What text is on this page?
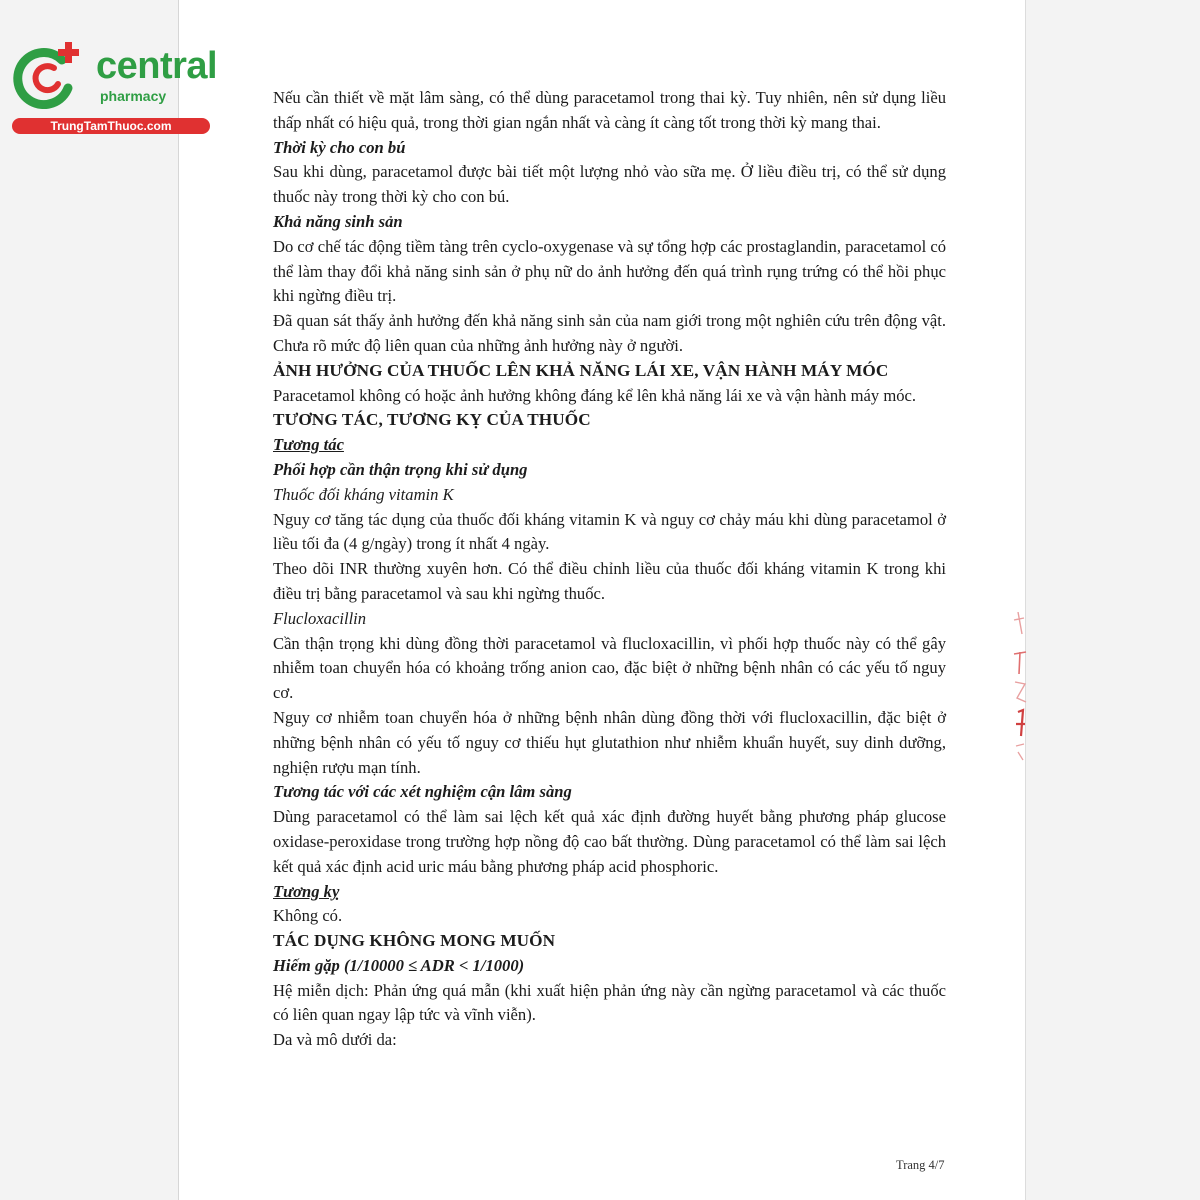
central
pharmacy
TrungTamThuoc.com

Nếu cần thiết về mặt lâm sàng, có thể dùng paracetamol trong thai kỳ. Tuy nhiên, nên sử dụng liều thấp nhất có hiệu quả, trong thời gian ngắn nhất và càng ít càng tốt trong thời kỳ mang thai.

Thời kỳ cho con bú

Sau khi dùng, paracetamol được bài tiết một lượng nhỏ vào sữa mẹ. Ở liều điều trị, có thể sử dụng thuốc này trong thời kỳ cho con bú.

Khả năng sinh sản

Do cơ chế tác động tiềm tàng trên cyclo-oxygenase và sự tổng hợp các prostaglandin, paracetamol có thể làm thay đổi khả năng sinh sản ở phụ nữ do ảnh hưởng đến quá trình rụng trứng có thể hồi phục khi ngừng điều trị.

Đã quan sát thấy ảnh hưởng đến khả năng sinh sản của nam giới trong một nghiên cứu trên động vật. Chưa rõ mức độ liên quan của những ảnh hưởng này ở người.

ẢNH HƯỞNG CỦA THUỐC LÊN KHẢ NĂNG LÁI XE, VẬN HÀNH MÁY MÓC

Paracetamol không có hoặc ảnh hưởng không đáng kể lên khả năng lái xe và vận hành máy móc.

TƯƠNG TÁC, TƯƠNG KỴ CỦA THUỐC

Tương tác

Phối hợp cần thận trọng khi sử dụng

Thuốc đối kháng vitamin K

Nguy cơ tăng tác dụng của thuốc đối kháng vitamin K và nguy cơ chảy máu khi dùng paracetamol ở liều tối đa (4 g/ngày) trong ít nhất 4 ngày.

Theo dõi INR thường xuyên hơn. Có thể điều chỉnh liều của thuốc đối kháng vitamin K trong khi điều trị bằng paracetamol và sau khi ngừng thuốc.

Flucloxacillin

Cần thận trọng khi dùng đồng thời paracetamol và flucloxacillin, vì phối hợp thuốc này có thể gây nhiễm toan chuyển hóa có khoảng trống anion cao, đặc biệt ở những bệnh nhân có các yếu tố nguy cơ.

Nguy cơ nhiễm toan chuyển hóa ở những bệnh nhân dùng đồng thời với flucloxacillin, đặc biệt ở những bệnh nhân có yếu tố nguy cơ thiếu hụt glutathion như nhiễm khuẩn huyết, suy dinh dưỡng, nghiện rượu mạn tính.

Tương tác với các xét nghiệm cận lâm sàng

Dùng paracetamol có thể làm sai lệch kết quả xác định đường huyết bằng phương pháp glucose oxidase-peroxidase trong trường hợp nồng độ cao bất thường. Dùng paracetamol có thể làm sai lệch kết quả xác định acid uric máu bằng phương pháp acid phosphoric.

Tương kỵ

Không có.

TÁC DỤNG KHÔNG MONG MUỐN

Hiếm gặp (1/10000 ≤ ADR < 1/1000)

Hệ miễn dịch: Phản ứng quá mẫn (khi xuất hiện phản ứng này cần ngừng paracetamol và các thuốc có liên quan ngay lập tức và vĩnh viễn).

Da và mô dưới da:

Trang 4/7
